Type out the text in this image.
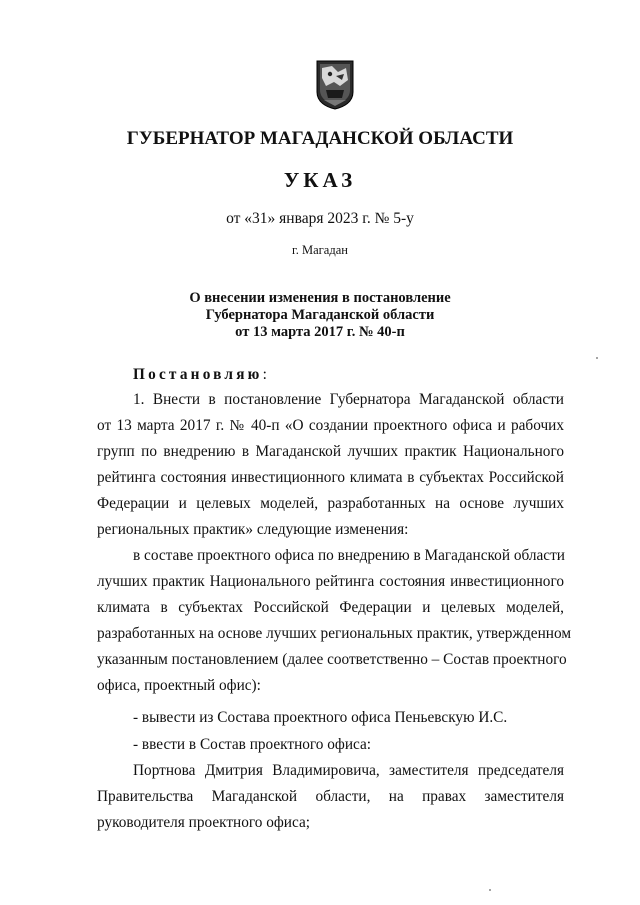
ГУБЕРНАТОР МАГАДАНСКОЙ ОБЛАСТИ
УКАЗ
от «31» января 2023 г. № 5-у
г. Магадан
О внесении изменения в постановление
Губернатора Магаданской области
от 13 марта 2017 г. № 40-п
Постановляю:
1. Внести в постановление Губернатора Магаданской области
от 13 марта 2017 г. № 40-п «О создании проектного офиса и рабочих
групп по внедрению в Магаданской лучших практик Национального
рейтинга состояния инвестиционного климата в субъектах Российской
Федерации и целевых моделей, разработанных на основе лучших
региональных практик» следующие изменения:
в составе проектного офиса по внедрению в Магаданской области
лучших практик Национального рейтинга состояния инвестиционного
климата в субъектах Российской Федерации и целевых моделей,
разработанных на основе лучших региональных практик, утвержденном
указанным постановлением (далее соответственно – Состав проектного
офиса, проектный офис):
- вывести из Состава проектного офиса Пеньевскую И.С.
- ввести в Состав проектного офиса:
Портнова Дмитрия Владимировича, заместителя председателя
Правительства Магаданской области, на правах заместителя
руководителя проектного офиса;
